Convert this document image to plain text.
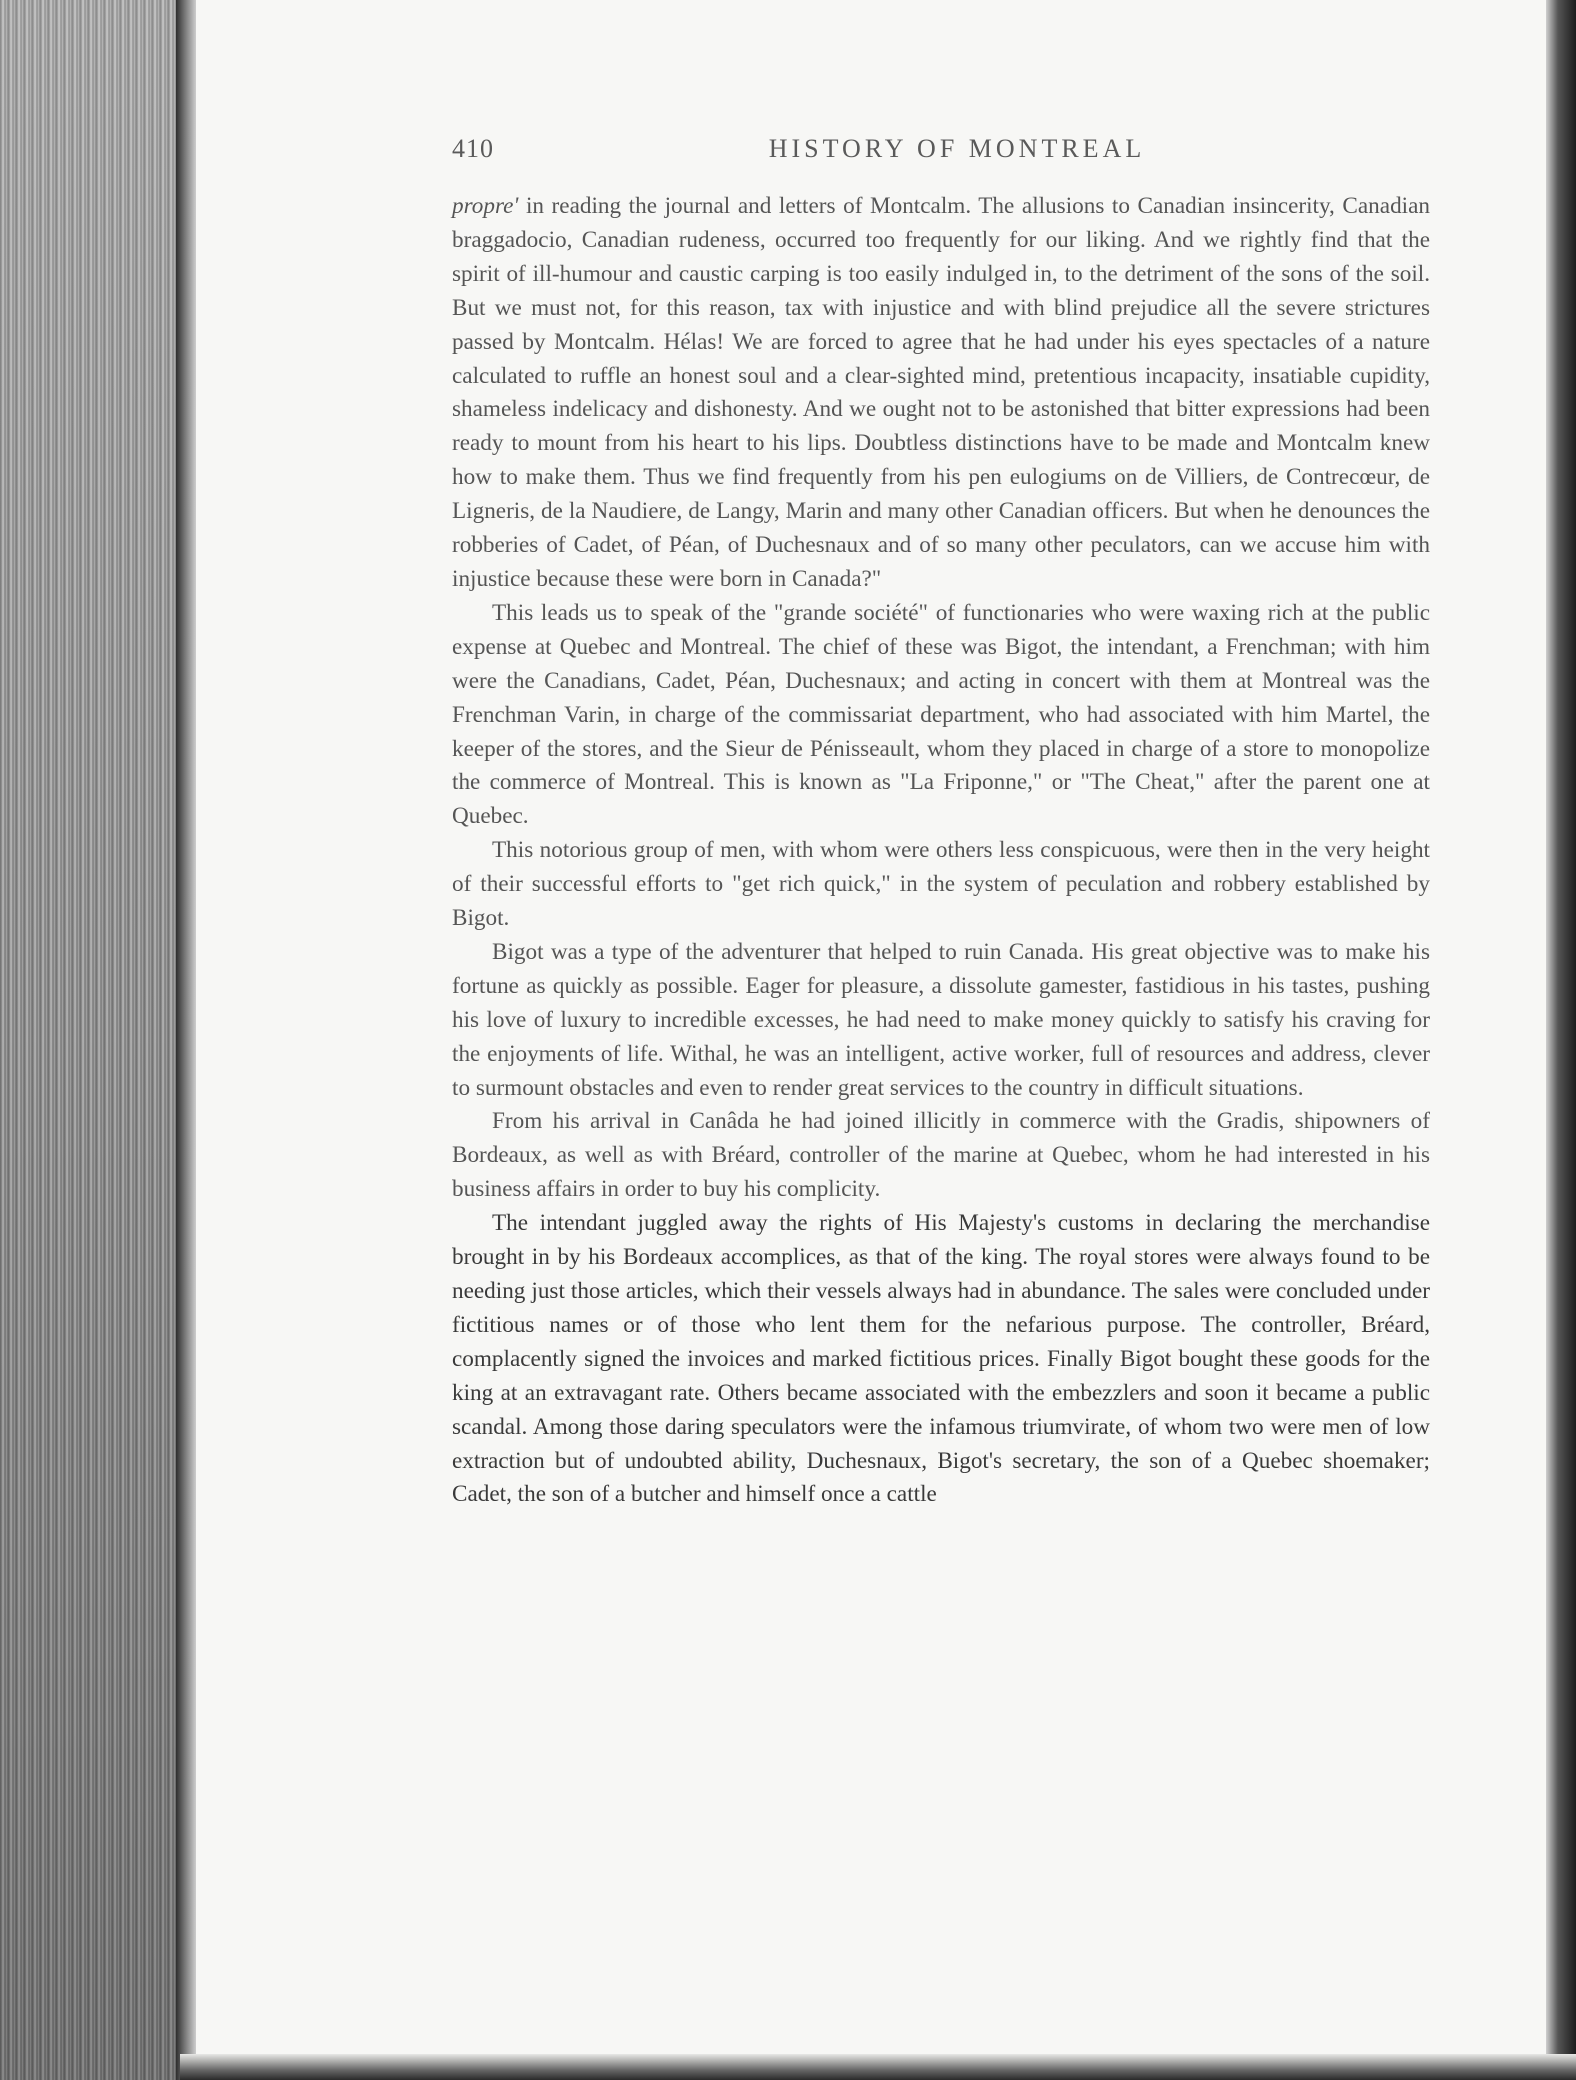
410	HISTORY OF MONTREAL

propre' in reading the journal and letters of Montcalm. The allusions to Canadian insincerity, Canadian braggadocio, Canadian rudeness, occurred too frequently for our liking. And we rightly find that the spirit of ill-humour and caustic carping is too easily indulged in, to the detriment of the sons of the soil. But we must not, for this reason, tax with injustice and with blind prejudice all the severe strictures passed by Montcalm. Hélas! We are forced to agree that he had under his eyes spectacles of a nature calculated to ruffle an honest soul and a clear-sighted mind, pretentious incapacity, insatiable cupidity, shameless indelicacy and dishonesty. And we ought not to be astonished that bitter expressions had been ready to mount from his heart to his lips. Doubtless distinctions have to be made and Montcalm knew how to make them. Thus we find frequently from his pen eulogiums on de Villiers, de Contrecœur, de Ligneris, de la Naudiere, de Langy, Marin and many other Canadian officers. But when he denounces the robberies of Cadet, of Péan, of Duchesnaux and of so many other peculators, can we accuse him with injustice because these were born in Canada?"

This leads us to speak of the "grande société" of functionaries who were waxing rich at the public expense at Quebec and Montreal. The chief of these was Bigot, the intendant, a Frenchman; with him were the Canadians, Cadet, Péan, Duchesnaux; and acting in concert with them at Montreal was the Frenchman Varin, in charge of the commissariat department, who had associated with him Martel, the keeper of the stores, and the Sieur de Pénisseault, whom they placed in charge of a store to monopolize the commerce of Montreal. This is known as "La Friponne," or "The Cheat," after the parent one at Quebec.

This notorious group of men, with whom were others less conspicuous, were then in the very height of their successful efforts to "get rich quick," in the system of peculation and robbery established by Bigot.

Bigot was a type of the adventurer that helped to ruin Canada. His great objective was to make his fortune as quickly as possible. Eager for pleasure, a dissolute gamester, fastidious in his tastes, pushing his love of luxury to incredible excesses, he had need to make money quickly to satisfy his craving for the enjoyments of life. Withal, he was an intelligent, active worker, full of resources and address, clever to surmount obstacles and even to render great services to the country in difficult situations.

From his arrival in Canâda he had joined illicitly in commerce with the Gradis, shipowners of Bordeaux, as well as with Bréard, controller of the marine at Quebec, whom he had interested in his business affairs in order to buy his complicity.

The intendant juggled away the rights of His Majesty's customs in declaring the merchandise brought in by his Bordeaux accomplices, as that of the king. The royal stores were always found to be needing just those articles, which their vessels always had in abundance. The sales were concluded under fictitious names or of those who lent them for the nefarious purpose. The controller, Bréard, complacently signed the invoices and marked fictitious prices. Finally Bigot bought these goods for the king at an extravagant rate. Others became associated with the embezzlers and soon it became a public scandal. Among those daring speculators were the infamous triumvirate, of whom two were men of low extraction but of undoubted ability, Duchesnaux, Bigot's secretary, the son of a Quebec shoemaker; Cadet, the son of a butcher and himself once a cattle
